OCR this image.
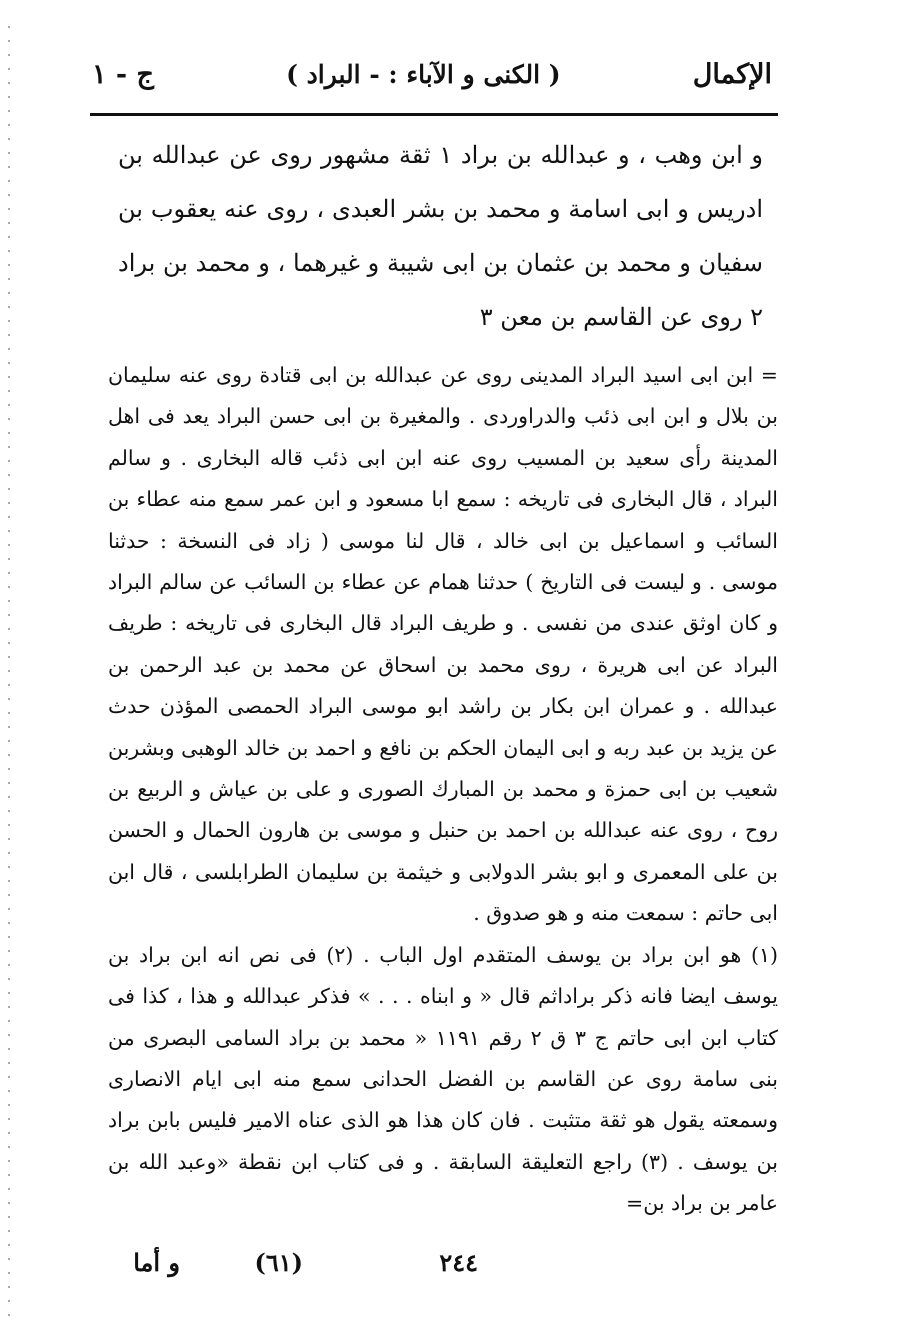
الإكمال
( الكنى و الآباء : - البراد )
ج - ١

و ابن وهب ، و عبدالله بن براد ١ ثقة مشهور روى عن عبدالله بن ادريس و ابى اسامة و محمد بن بشر العبدى ، روى عنه يعقوب بن سفيان و محمد بن عثمان بن ابى شيبة و غيرهما ، و محمد بن براد ٢ روى عن القاسم بن معن ٣

= ابن ابى اسيد البراد المدينى روى عن عبدالله بن ابى قتادة روى عنه سليمان بن بلال و ابن ابى ذئب والدراوردى . والمغيرة بن ابى حسن البراد يعد فى اهل المدينة رأى سعيد بن المسيب روى عنه ابن ابى ذئب قاله البخارى . و سالم البراد ، قال البخارى فى تاريخه : سمع ابا مسعود و ابن عمر سمع منه عطاء بن السائب و اسماعيل بن ابى خالد ، قال لنا موسى ( زاد فى النسخة : حدثنا موسى . و ليست فى التاريخ ) حدثنا همام عن عطاء بن السائب عن سالم البراد و كان اوثق عندى من نفسى . و طريف البراد قال البخارى فى تاريخه : طريف البراد عن ابى هريرة ، روى محمد بن اسحاق عن محمد بن عبد الرحمن بن عبدالله . و عمران ابن بكار بن راشد ابو موسى البراد الحمصى المؤذن حدث عن يزيد بن عبد ربه و ابى اليمان الحكم بن نافع و احمد بن خالد الوهبى وبشربن شعيب بن ابى حمزة و محمد بن المبارك الصورى و على بن عياش و الربيع بن روح ، روى عنه عبدالله بن احمد بن حنبل و موسى بن هارون الحمال و الحسن بن على المعمرى و ابو بشر الدولابى و خيثمة بن سليمان الطرابلسى ، قال ابن ابى حاتم : سمعت منه و هو صدوق .

(١) هو ابن براد بن يوسف المتقدم اول الباب . (٢) فى نص انه ابن براد بن يوسف ايضا فانه ذكر براداثم قال « و ابناه . . . » فذكر عبدالله و هذا ، كذا فى كتاب ابن ابى حاتم ج ٣ ق ٢ رقم ١١٩١ « محمد بن براد السامى البصرى من بنى سامة روى عن القاسم بن الفضل الحدانى سمع منه ابى ايام الانصارى وسمعته يقول هو ثقة متثبت . فان كان هذا هو الذى عناه الامير فليس بابن براد بن يوسف . (٣) راجع التعليقة السابقة . و فى كتاب ابن نقطة «وعبد الله بن عامر بن براد بن=

٢٤٤
(٦١)
و أما
